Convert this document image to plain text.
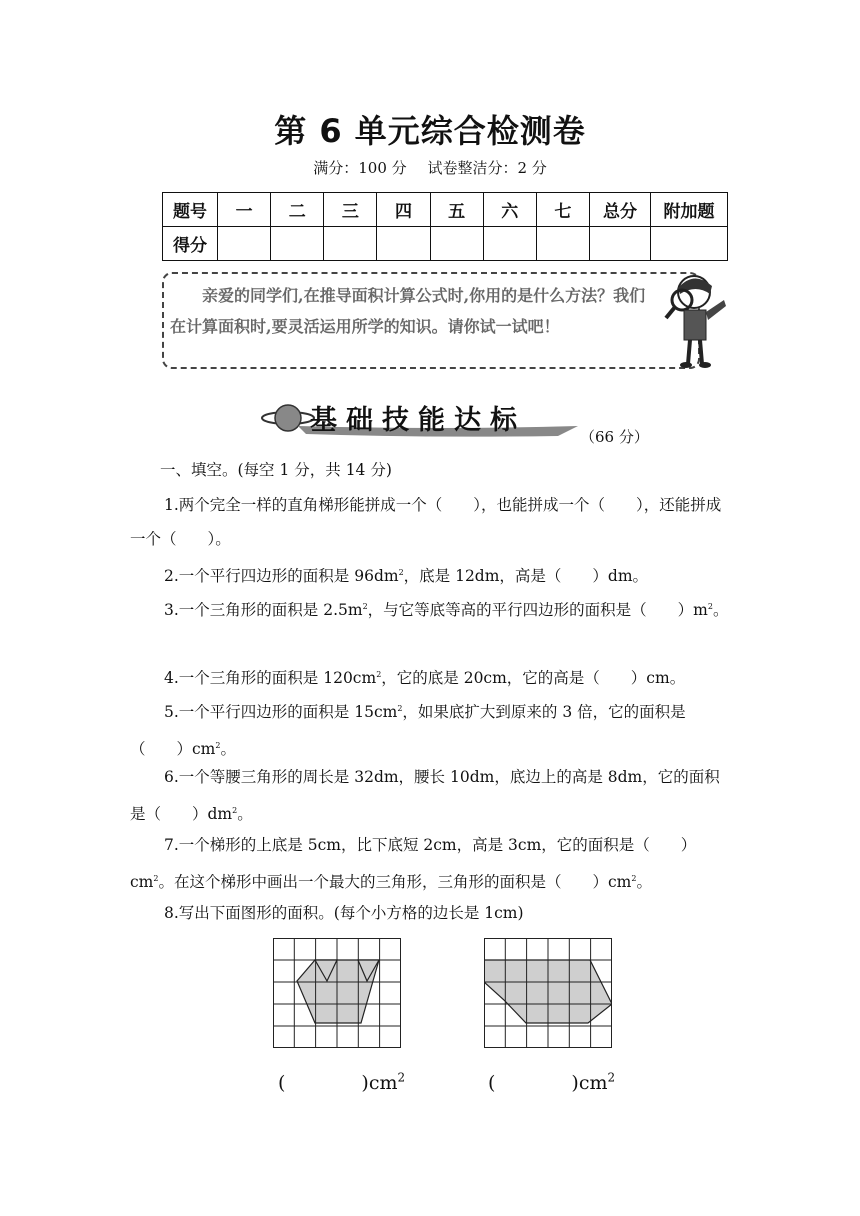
第 6 单元综合检测卷
满分：100 分 试卷整洁分：2 分
题号	一	二	三	四	五	六	七	总分	附加题
得分									
亲爱的同学们,在推导面积计算公式时,你用的是什么方法？我们在计算面积时,要灵活运用所学的知识。请你试一试吧！
基础技能达标
（66 分）
一、填空。(每空 1 分，共 14 分)
1.两个完全一样的直角梯形能拼成一个（　　），也能拼成一个（　　），还能拼成一个（　　）。
2.一个平行四边形的面积是 $96dm^2$，底是 12dm，高是（　　）dm。
3.一个三角形的面积是 $2.5m^2$，与它等底等高的平行四边形的面积是（　　）$m^2$。
4.一个三角形的面积是 $120cm^2$，它的底是 20cm，它的高是（　　）cm。
5.一个平行四边形的面积是 $15cm^2$，如果底扩大到原来的 3 倍，它的面积是（　　）$cm^2$。
6.一个等腰三角形的周长是 32dm，腰长 10dm，底边上的高是 8dm，它的面积是（　　）$dm^2$。
7.一个梯形的上底是 5cm，比下底短 2cm，高是 3cm，它的面积是（　　）$cm^2$。在这个梯形中画出一个最大的三角形，三角形的面积是（　　）$cm^2$。
8.写出下面图形的面积。(每个小方格的边长是 1cm)
(　　　　)$cm^2$	(　　　　)$cm^2$
